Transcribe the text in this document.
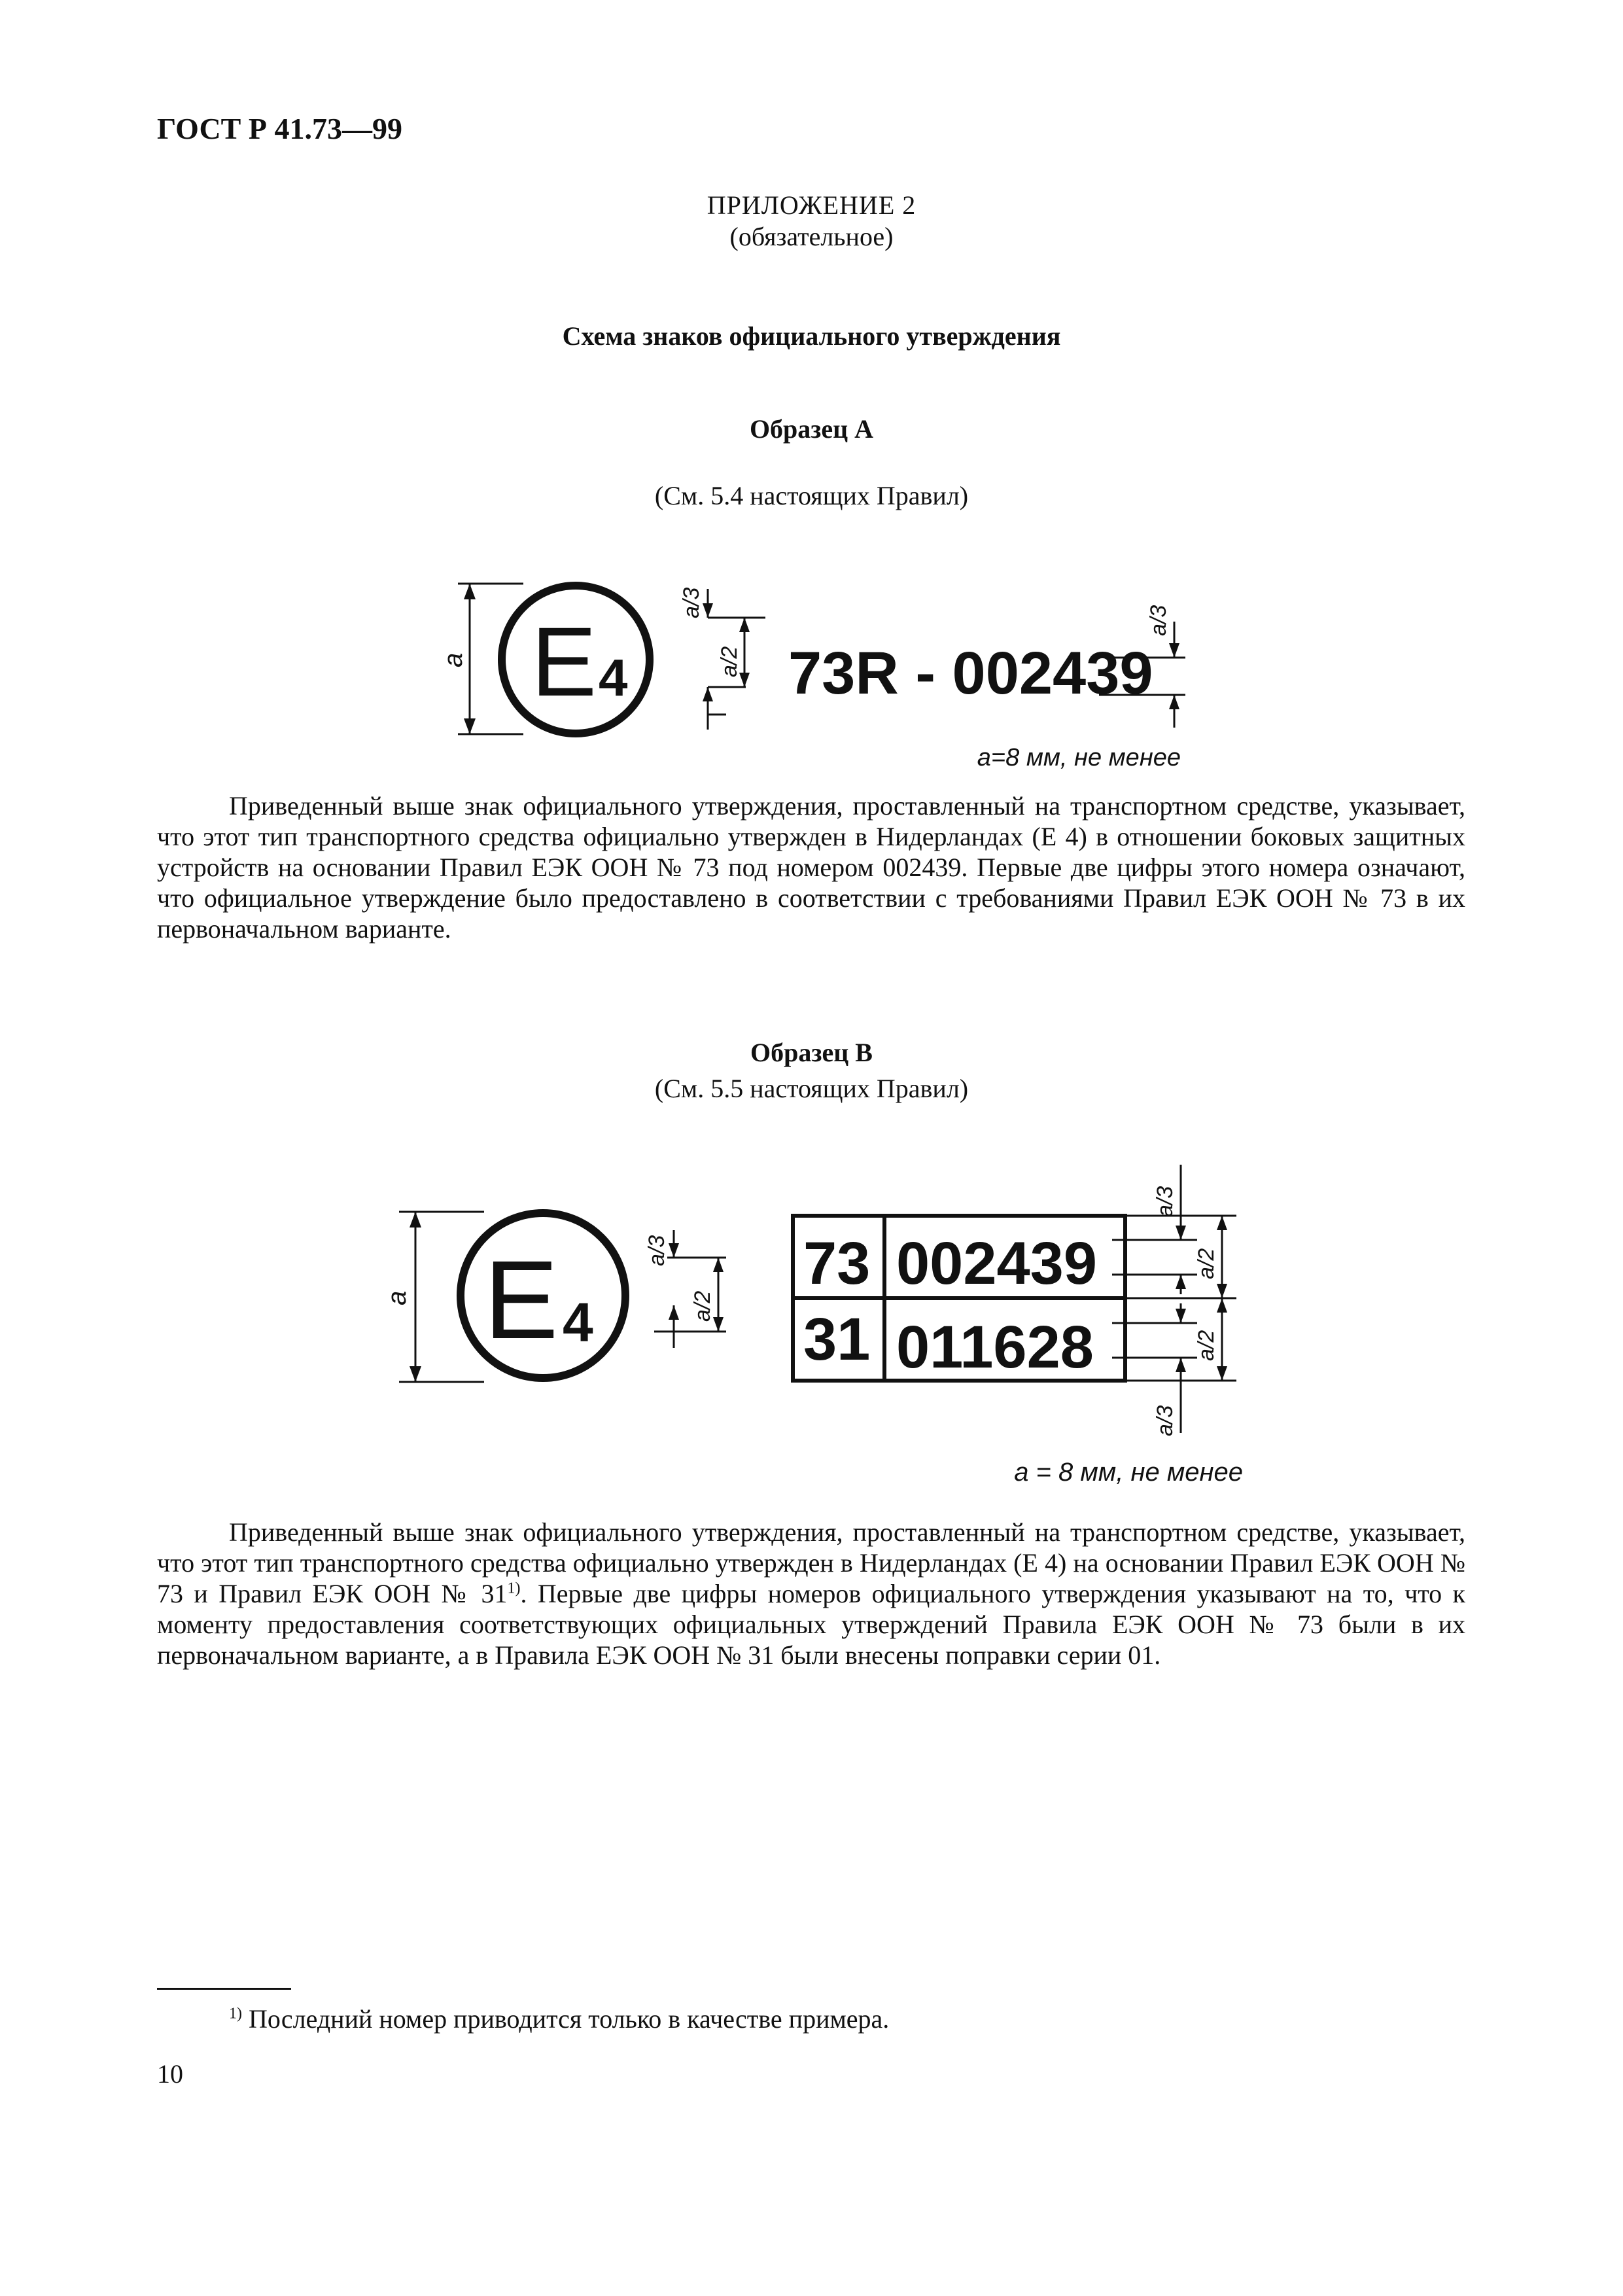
ГОСТ Р 41.73—99
ПРИЛОЖЕНИЕ 2
(обязательное)
Схема знаков официального утверждения
Образец А
(См. 5.4 настоящих Правил)
a E 4
a/3
a/2 73R - 002439
a/3
a=8 мм, не менее

Приведенный выше знак официального утверждения, проставленный на транспортном средстве, указывает, что этот тип транспортного средства официально утвержден в Нидерландах (Е 4) в отношении боковых защитных устройств на основании Правил ЕЭК ООН № 73 под номером 002439. Первые две цифры этого номера означают, что официальное утверждение было предоставлено в соответствии с требованиями Правил ЕЭК ООН № 73 в их первоначальном варианте.

Образец В
(См. 5.5 настоящих Правил)
a E 4
a/3
a/2
73 002439
31 011628
a/3
a/2
a/3
a/2
a = 8 мм, не менее

Приведенный выше знак официального утверждения, проставленный на транспортном средстве, указывает, что этот тип транспортного средства официально утвержден в Нидерландах (Е 4) на основании Правил ЕЭК ООН № 73 и Правил ЕЭК ООН № 31$^{1)}$. Первые две цифры номеров официального утверждения указывают на то, что к моменту предоставления соответствующих официальных утверждений Правила ЕЭК ООН № 73 были в их первоначальном варианте, а в Правила ЕЭК ООН № 31 были внесены поправки серии 01.

$^{1)}$ Последний номер приводится только в качестве примера.
10
